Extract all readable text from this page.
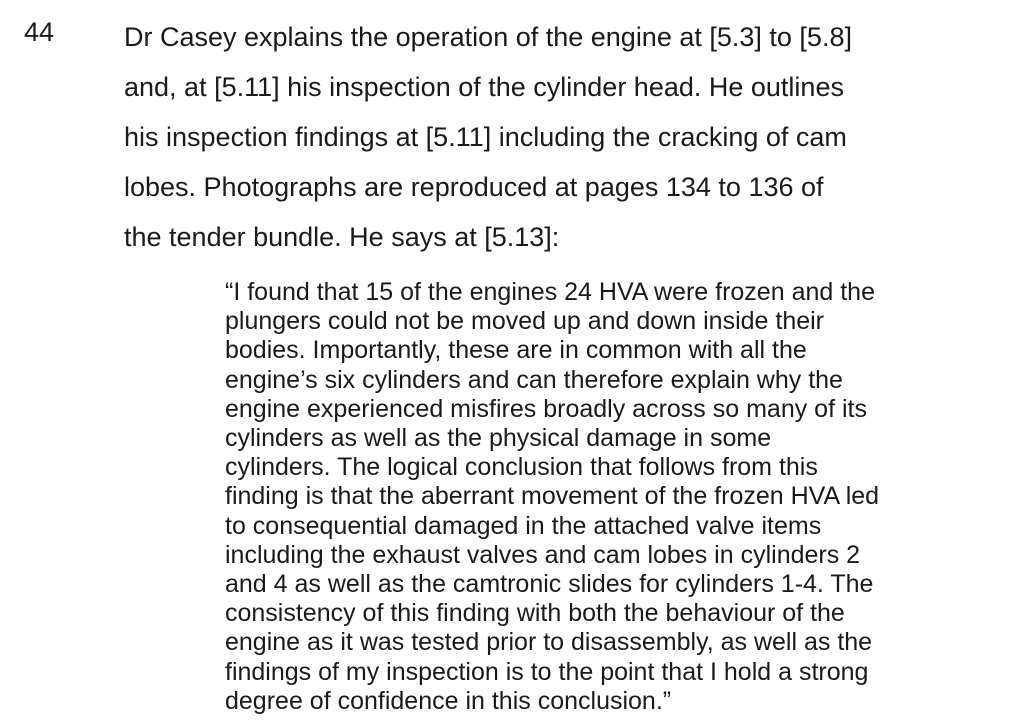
44	Dr Casey explains the operation of the engine at [5.3] to [5.8]
and, at [5.11] his inspection of the cylinder head. He outlines
his inspection findings at [5.11] including the cracking of cam
lobes. Photographs are reproduced at pages 134 to 136 of
the tender bundle. He says at [5.13]:
“I found that 15 of the engines 24 HVA were frozen and the
plungers could not be moved up and down inside their
bodies. Importantly, these are in common with all the
engine’s six cylinders and can therefore explain why the
engine experienced misfires broadly across so many of its
cylinders as well as the physical damage in some
cylinders. The logical conclusion that follows from this
finding is that the aberrant movement of the frozen HVA led
to consequential damaged in the attached valve items
including the exhaust valves and cam lobes in cylinders 2
and 4 as well as the camtronic slides for cylinders 1-4. The
consistency of this finding with both the behaviour of the
engine as it was tested prior to disassembly, as well as the
findings of my inspection is to the point that I hold a strong
degree of confidence in this conclusion.”
